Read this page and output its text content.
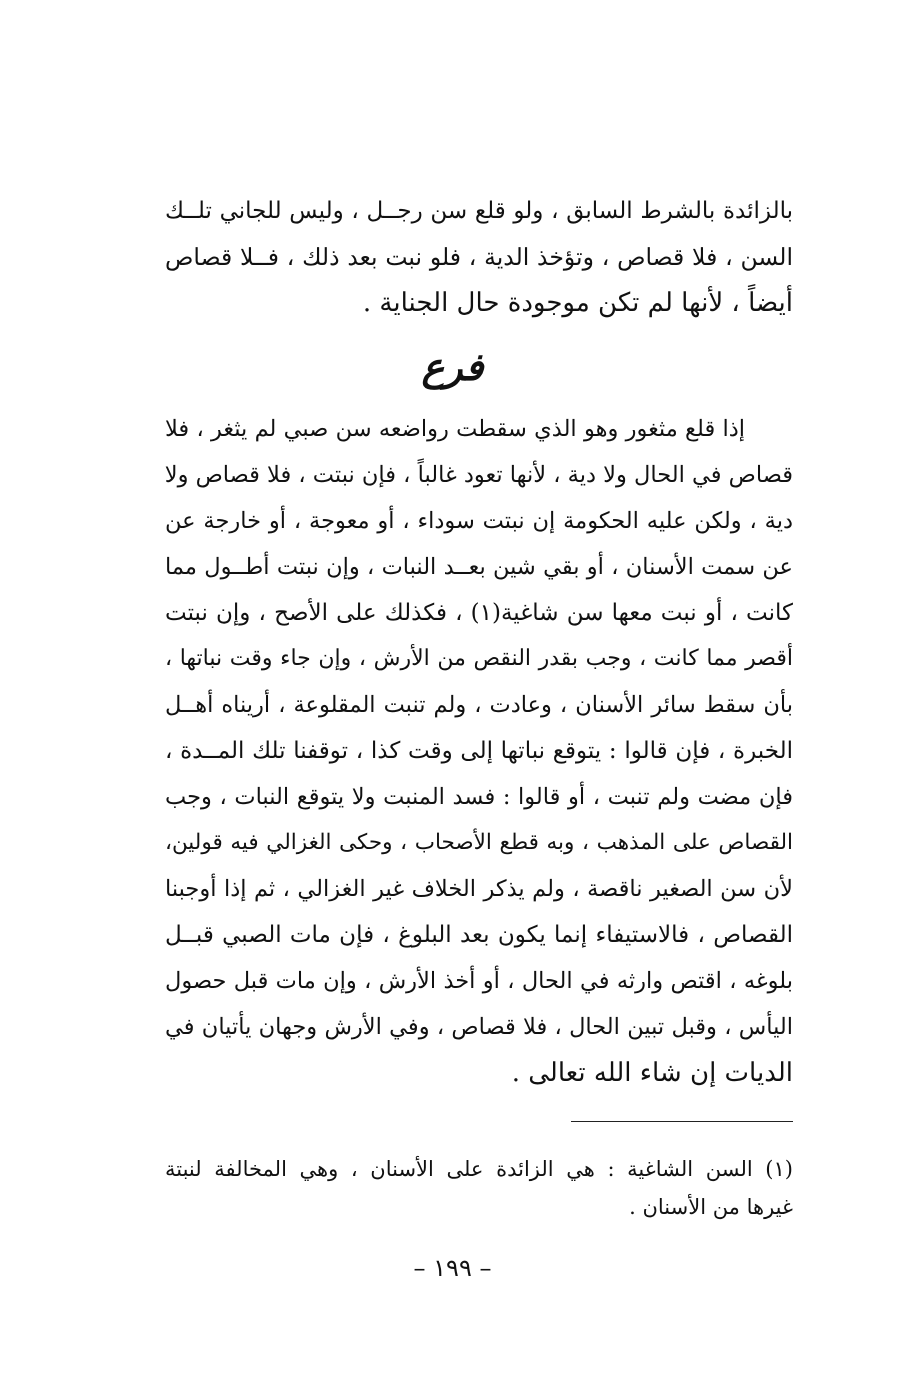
بالزائدة بالشرط السابق ، ولو قلع سن رجــل ، وليس للجاني تلــك
السن ، فلا قصاص ، وتؤخذ الدية ، فلو نبت بعد ذلك ، فــلا قصاص
أيضاً ، لأنها لم تكن موجودة حال الجناية .
فرع
إذا قلع مثغور وهو الذي سقطت رواضعه سن صبي لم يثغر ، فلا
قصاص في الحال ولا دية ، لأنها تعود غالباً ، فإن نبتت ، فلا قصاص ولا
دية ، ولكن عليه الحكومة إن نبتت سوداء ، أو معوجة ، أو خارجة عن
عن سمت الأسنان ، أو بقي شين بعــد النبات ، وإن نبتت أطــول مما
كانت ، أو نبت معها سن شاغية(١) ، فكذلك على الأصح ، وإن نبتت
أقصر مما كانت ، وجب بقدر النقص من الأرش ، وإن جاء وقت نباتها ،
بأن سقط سائر الأسنان ، وعادت ، ولم تنبت المقلوعة ، أريناه أهــل
الخبرة ، فإن قالوا : يتوقع نباتها إلى وقت كذا ، توقفنا تلك المــدة ،
فإن مضت ولم تنبت ، أو قالوا : فسد المنبت ولا يتوقع النبات ، وجب
القصاص على المذهب ، وبه قطع الأصحاب ، وحكى الغزالي فيه قولين،
لأن سن الصغير ناقصة ، ولم يذكر الخلاف غير الغزالي ، ثم إذا أوجبنا
القصاص ، فالاستيفاء إنما يكون بعد البلوغ ، فإن مات الصبي قبــل
بلوغه ، اقتص وارثه في الحال ، أو أخذ الأرش ، وإن مات قبل حصول
اليأس ، وقبل تبين الحال ، فلا قصاص ، وفي الأرش وجهان يأتيان في
الديات إن شاء الله تعالى .
(١) السن الشاغية : هي الزائدة على الأسنان ، وهي المخالفة لنبتة
غيرها من الأسنان .
– ١٩٩ –
